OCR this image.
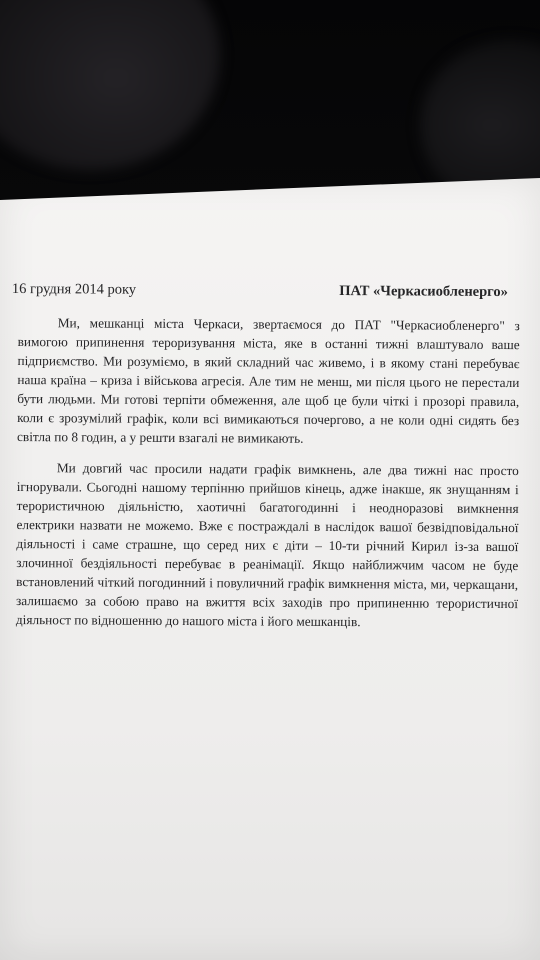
16 грудня 2014 року	ПАТ «Черкасиобленерго»

Ми, мешканці міста Черкаси, звертаємося до ПАТ "Черкасиобленерго" з вимогою припинення тероризування міста, яке в останні тижні влаштувало ваше підприємство. Ми розуміємо, в який складний час живемо, і в якому стані перебуває наша країна – криза і військова агресія. Але тим не менш, ми після цього не перестали бути людьми. Ми готові терпіти обмеження, але щоб це були чіткі і прозорі правила, коли є зрозумілий графік, коли всі вимикаються почергово, а не коли одні сидять без світла по 8 годин, а у решти взагалі не вимикають.

Ми довгий час просили надати графік вимкнень, але два тижні нас просто ігнорували. Сьогодні нашому терпінню прийшов кінець, адже інакше, як знущанням і терористичною діяльністю, хаотичні багатогодинні і неодноразові вимкнення електрики назвати не можемо. Вже є постраждалі в наслідок вашої безвідповідальної діяльності і саме страшне, що серед них є діти – 10-ти річний Кирил із-за вашої злочинної бездіяльності перебуває в реанімації. Якщо найближчим часом не буде встановлений чіткий погодинний і повуличний графік вимкнення міста, ми, черкащани, залишаємо за собою право на вжиття всіх заходів про припиненню терористичної діяльност по відношенню до нашого міста і його мешканців.
